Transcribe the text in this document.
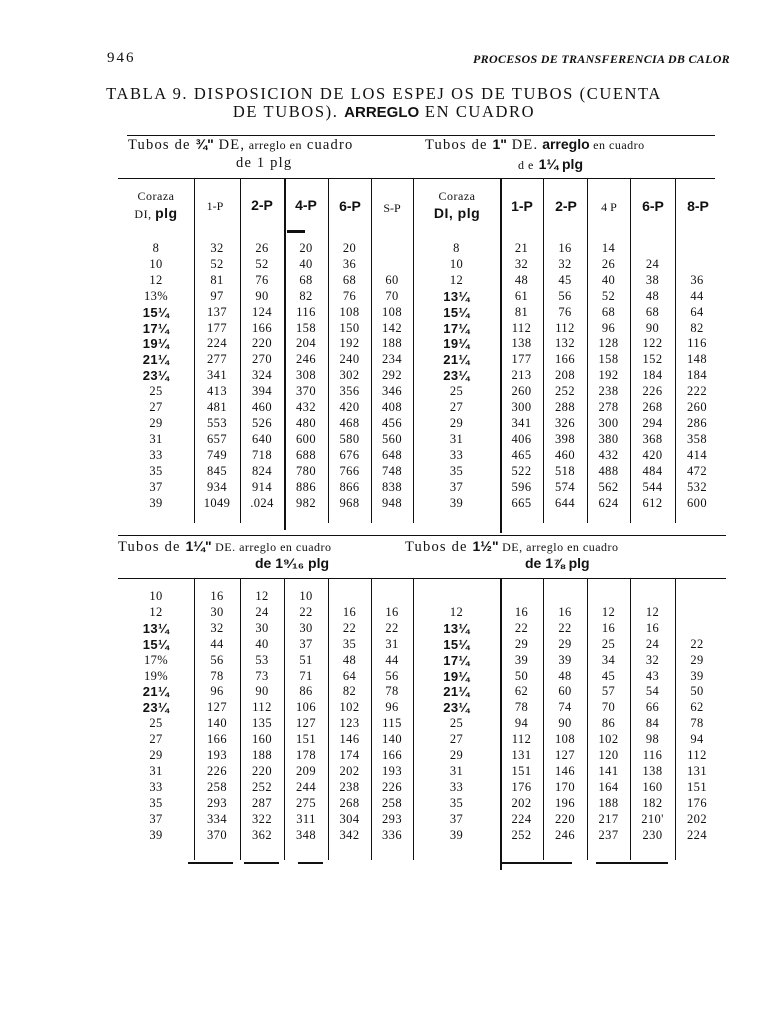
946	PROCESOS DE TRANSFERENCIA DB CALOR
TABLA 9. DISPOSICION DE LOS ESPEJ OS DE TUBOS (CUENTA
DE TUBOS). ARREGLO EN CUADRO
Tubos de ¾" DE, arreglo en cuadro
de 1 plg
Tubos de 1" DE. arreglo en cuadro
d e 1¼ plg
Coraza
DI, plg
Coraza
DI, plg
1-P	2-P	4-P	6-P	S-P	1-P	2-P	4 P	6-P	8-P
8	32	26	20	20		8	21	16	14		
10	52	52	40	36		10	32	32	26	24	
12	81	76	68	68	60	12	48	45	40	38	36
13%	97	90	82	76	70	13¼	61	56	52	48	44
15¼	137	124	116	108	108	15¼	81	76	68	68	64
17¼	177	166	158	150	142	17¼	112	112	96	90	82
19¼	224	220	204	192	188	19¼	138	132	128	122	116
21¼	277	270	246	240	234	21¼	177	166	158	152	148
23¼	341	324	308	302	292	23¼	213	208	192	184	184
25	413	394	370	356	346	25	260	252	238	226	222
27	481	460	432	420	408	27	300	288	278	268	260
29	553	526	480	468	456	29	341	326	300	294	286
31	657	640	600	580	560	31	406	398	380	368	358
33	749	718	688	676	648	33	465	460	432	420	414
35	845	824	780	766	748	35	522	518	488	484	472
37	934	914	886	866	838	37	596	574	562	544	532
39	1049	.024	982	968	948	39	665	644	624	612	600
Tubos de 1¼" DE. arreglo en cuadro
de 1⁹⁄₁₆ plg
Tubos de 1½" DE, arreglo en cuadro
de 1⅞ plg
10	16	12	10								
12	30	24	22	16	16	12	16	16	12	12	
13¼	32	30	30	22	22	13¼	22	22	16	16	
15¼	44	40	37	35	31	15¼	29	29	25	24	22
17%	56	53	51	48	44	17¼	39	39	34	32	29
19%	78	73	71	64	56	19¼	50	48	45	43	39
21¼	96	90	86	82	78	21¼	62	60	57	54	50
23¼	127	112	106	102	96	23¼	78	74	70	66	62
25	140	135	127	123	115	25	94	90	86	84	78
27	166	160	151	146	140	27	112	108	102	98	94
29	193	188	178	174	166	29	131	127	120	116	112
31	226	220	209	202	193	31	151	146	141	138	131
33	258	252	244	238	226	33	176	170	164	160	151
35	293	287	275	268	258	35	202	196	188	182	176
37	334	322	311	304	293	37	224	220	217	210'	202
39	370	362	348	342	336	39	252	246	237	230	224
